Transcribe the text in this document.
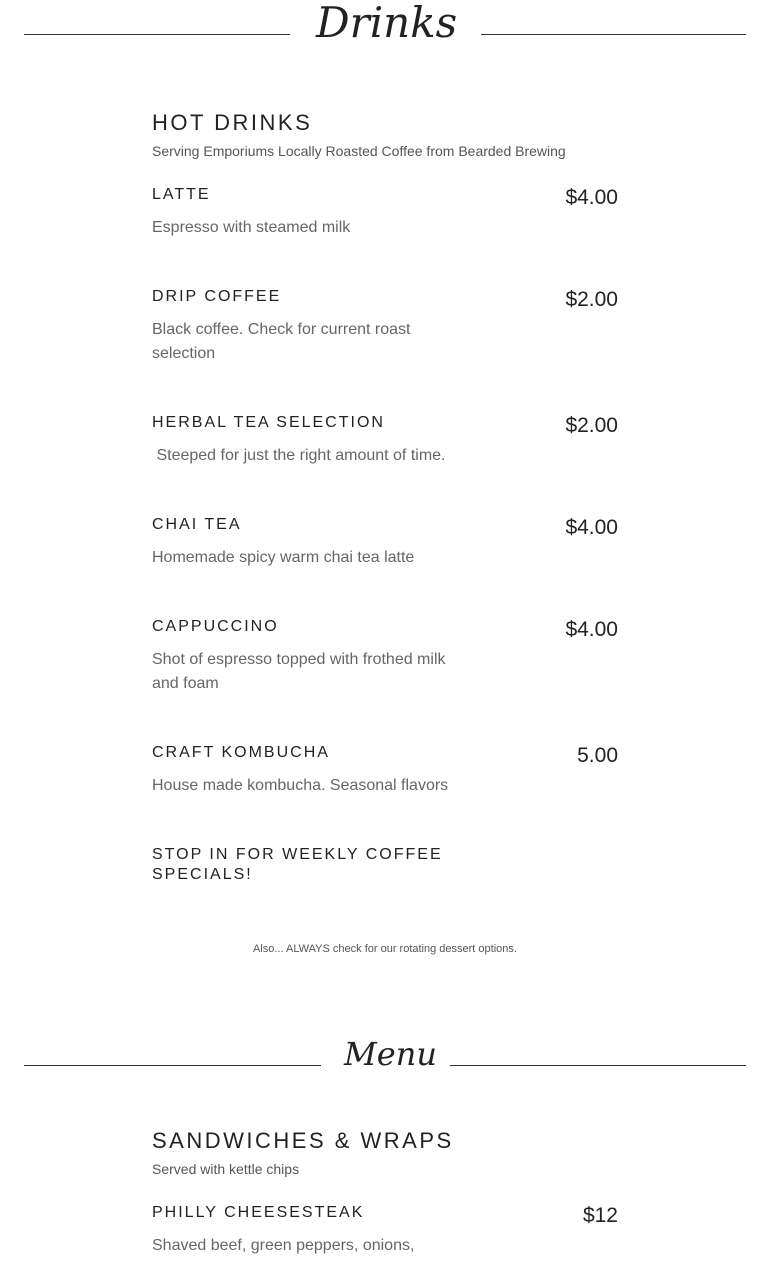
Drinks
HOT DRINKS
Serving Emporiums Locally Roasted Coffee from Bearded Brewing
LATTE	$4.00
Espresso with steamed milk
DRIP COFFEE	$2.00
Black coffee. Check for current roast selection
HERBAL TEA SELECTION	$2.00
Steeped for just the right amount of time.
CHAI TEA	$4.00
Homemade spicy warm chai tea latte
CAPPUCCINO	$4.00
Shot of espresso topped with frothed milk and foam
CRAFT KOMBUCHA	5.00
House made kombucha. Seasonal flavors
STOP IN FOR WEEKLY COFFEE SPECIALS!
Also... ALWAYS check for our rotating dessert options.
Menu
SANDWICHES & WRAPS
Served with kettle chips
PHILLY CHEESESTEAK	$12
Shaved beef, green peppers, onions,
